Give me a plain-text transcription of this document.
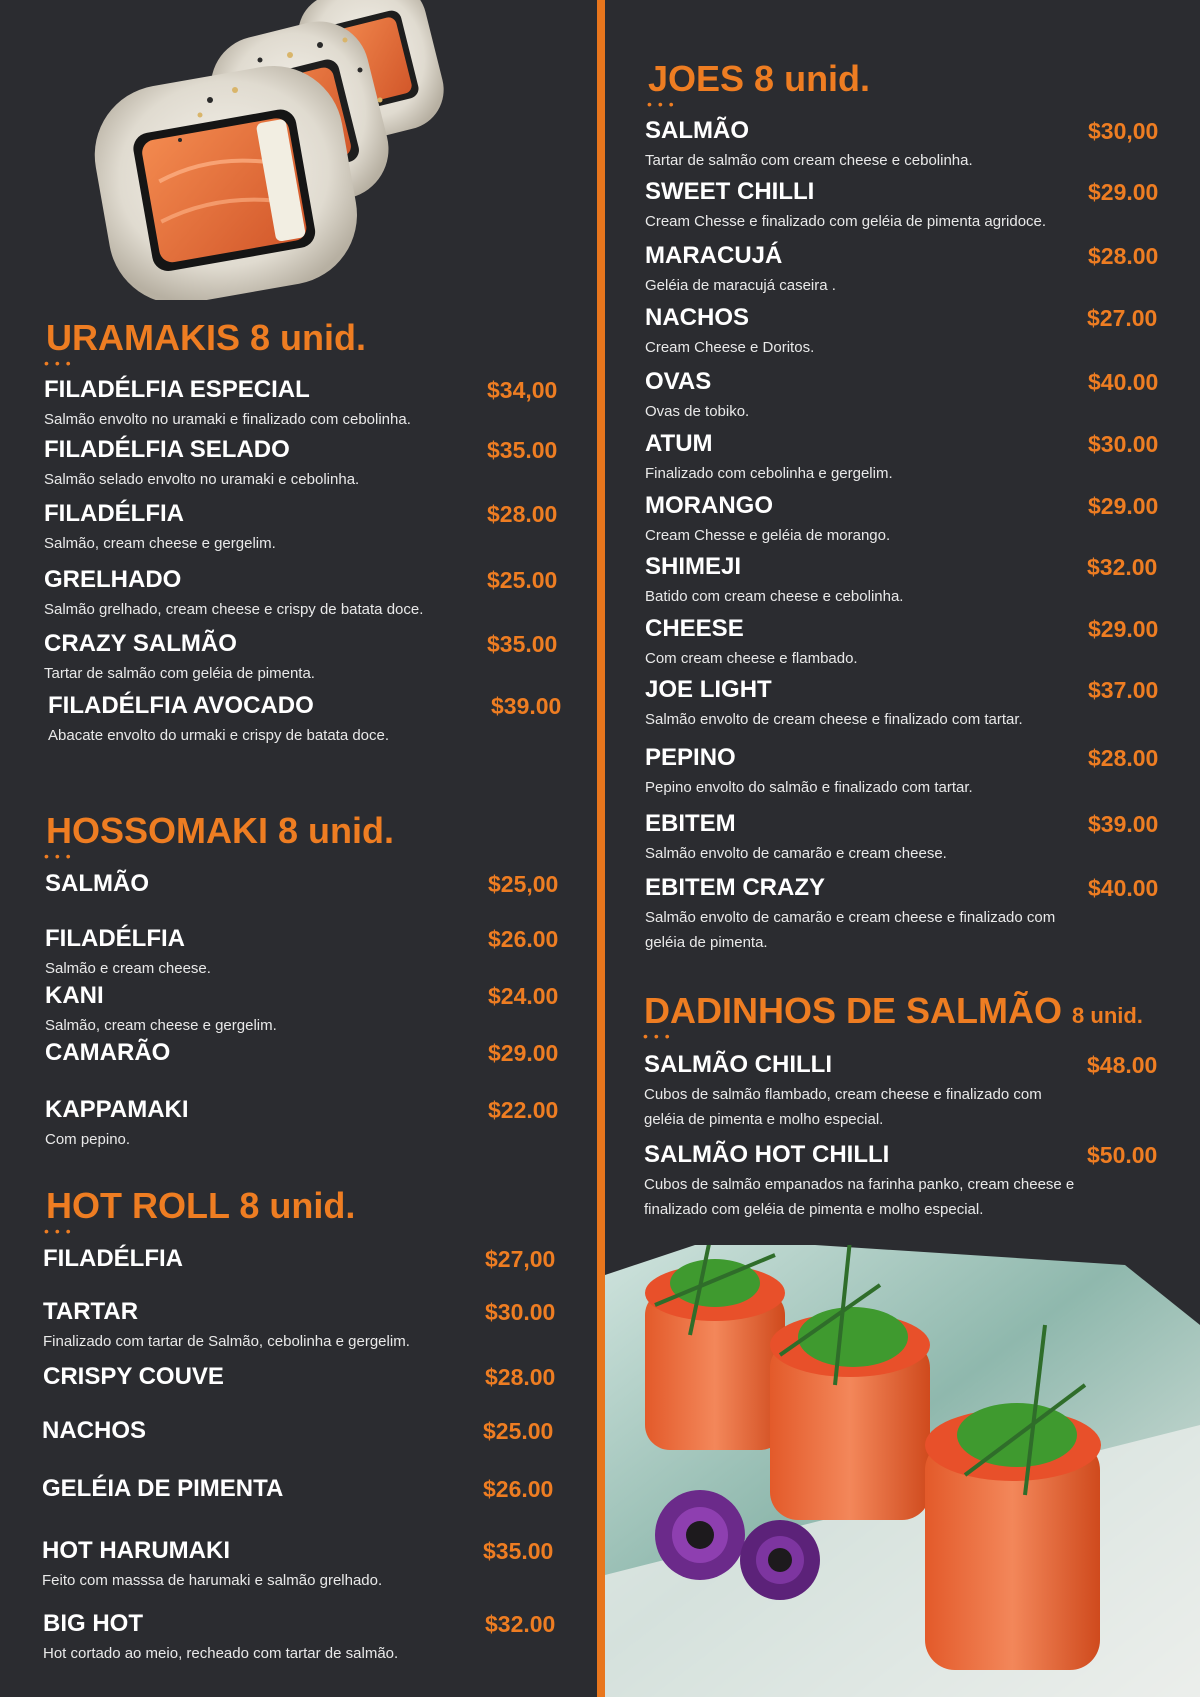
URAMAKIS 8 unid.
•••
FILADÉLFIA ESPECIAL	$34,00
Salmão envolto no uramaki e finalizado com cebolinha.
FILADÉLFIA SELADO	$35.00
Salmão selado envolto no uramaki e cebolinha.
FILADÉLFIA	$28.00
Salmão, cream cheese e gergelim.
GRELHADO	$25.00
Salmão grelhado, cream cheese e crispy de batata doce.
CRAZY SALMÃO	$35.00
Tartar de salmão com geléia de pimenta.
FILADÉLFIA AVOCADO	$39.00
Abacate envolto do urmaki e crispy de batata doce.
HOSSOMAKI 8 unid.
•••
SALMÃO	$25,00
FILADÉLFIA	$26.00
Salmão e cream cheese.
KANI	$24.00
Salmão, cream cheese e gergelim.
CAMARÃO	$29.00
KAPPAMAKI	$22.00
Com pepino.
HOT ROLL 8 unid.
•••
FILADÉLFIA	$27,00
TARTAR	$30.00
Finalizado com tartar de Salmão, cebolinha e gergelim.
CRISPY COUVE	$28.00
NACHOS	$25.00
GELÉIA DE PIMENTA	$26.00
HOT HARUMAKI	$35.00
Feito com masssa de harumaki e salmão grelhado.
BIG HOT	$32.00
Hot cortado ao meio, recheado com tartar de salmão.
JOES 8 unid.
•••
SALMÃO	$30,00
Tartar de salmão com cream cheese e cebolinha.
SWEET CHILLI	$29.00
Cream Chesse e finalizado com geléia de pimenta agridoce.
MARACUJÁ	$28.00
Geléia de maracujá caseira .
NACHOS	$27.00
Cream Cheese e Doritos.
OVAS	$40.00
Ovas de tobiko.
ATUM	$30.00
Finalizado com cebolinha e gergelim.
MORANGO	$29.00
Cream Chesse e geléia de morango.
SHIMEJI	$32.00
Batido com cream cheese e cebolinha.
CHEESE	$29.00
Com cream cheese e flambado.
JOE LIGHT	$37.00
Salmão envolto de cream cheese e finalizado com tartar.
PEPINO	$28.00
Pepino envolto do salmão e finalizado com tartar.
EBITEM	$39.00
Salmão envolto de camarão e cream cheese.
EBITEM CRAZY	$40.00
Salmão envolto de camarão e cream cheese e finalizado com geléia de pimenta.
DADINHOS DE SALMÃO 8 unid.
•••
SALMÃO CHILLI	$48.00
Cubos de salmão flambado, cream cheese e finalizado com geléia de pimenta e molho especial.
SALMÃO HOT CHILLI	$50.00
Cubos de salmão empanados na farinha panko, cream cheese e finalizado com geléia de pimenta e molho especial.
